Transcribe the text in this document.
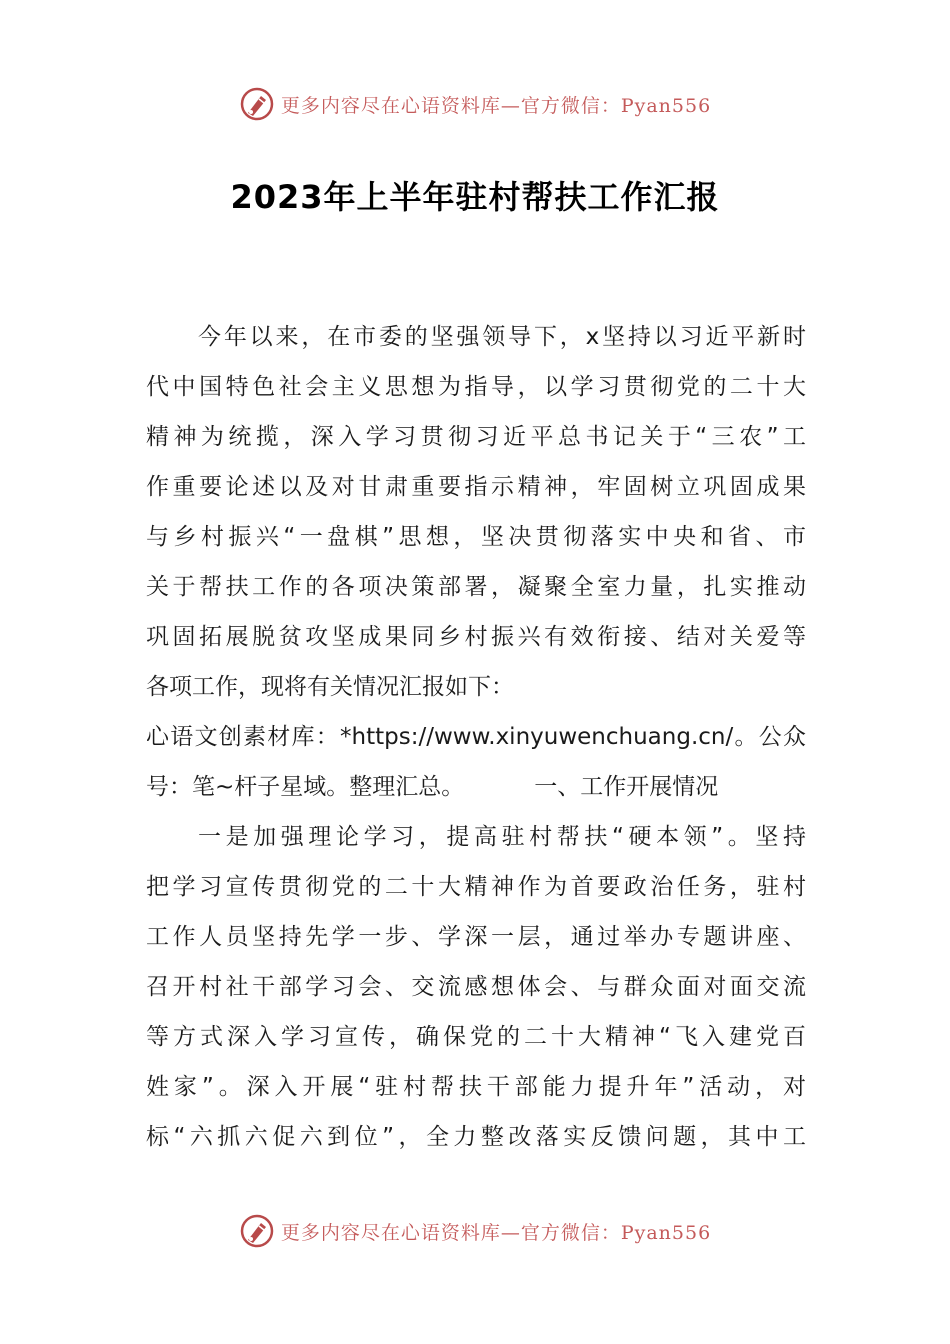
更多内容尽在心语资料库—官方微信：Pyan556
2023年上半年驻村帮扶工作汇报
今年以来，在市委的坚强领导下，x坚持以习近平新时
代中国特色社会主义思想为指导，以学习贯彻党的二十大
精神为统揽，深入学习贯彻习近平总书记关于“三农”工
作重要论述以及对甘肃重要指示精神，牢固树立巩固成果
与乡村振兴“一盘棋”思想，坚决贯彻落实中央和省、市
关于帮扶工作的各项决策部署，凝聚全室力量，扎实推动
巩固拓展脱贫攻坚成果同乡村振兴有效衔接、结对关爱等
各项工作，现将有关情况汇报如下：
心语文创素材库：*https://www.xinyuwenchuang.cn/。公众
号：笔~杆子星域。整理汇总。	一、工作开展情况
一是加强理论学习，提高驻村帮扶“硬本领”。坚持
把学习宣传贯彻党的二十大精神作为首要政治任务，驻村
工作人员坚持先学一步、学深一层，通过举办专题讲座、
召开村社干部学习会、交流感想体会、与群众面对面交流
等方式深入学习宣传，确保党的二十大精神“飞入建党百
姓家”。深入开展“驻村帮扶干部能力提升年”活动，对
标“六抓六促六到位”，全力整改落实反馈问题，其中工
更多内容尽在心语资料库—官方微信：Pyan556
